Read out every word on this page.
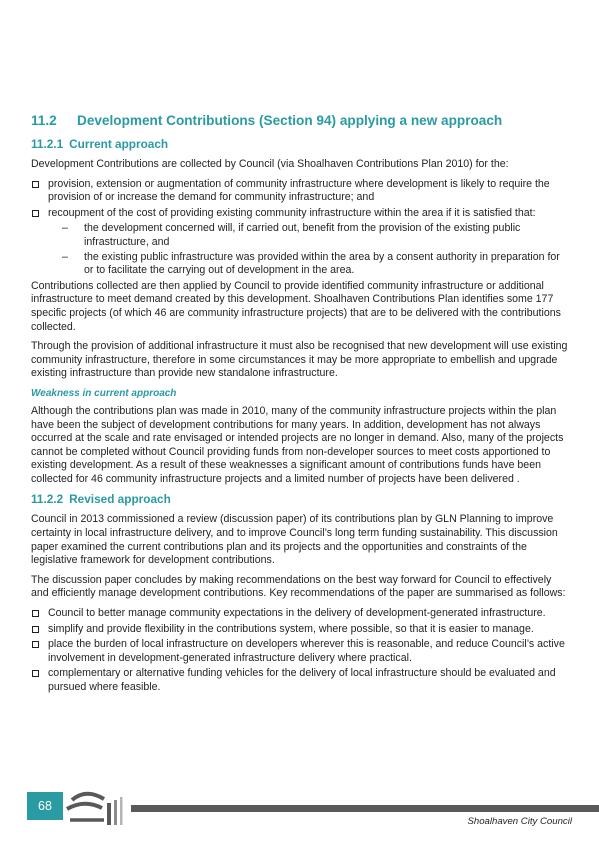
11.2 Development Contributions (Section 94) applying a new approach
11.2.1 Current approach

Development Contributions are collected by Council (via Shoalhaven Contributions Plan 2010) for the:

provision, extension or augmentation of community infrastructure where development is likely to require the provision of or increase the demand for community infrastructure; and
recoupment of the cost of providing existing community infrastructure within the area if it is satisfied that:
– the development concerned will, if carried out, benefit from the provision of the existing public infrastructure, and
– the existing public infrastructure was provided within the area by a consent authority in preparation for or to facilitate the carrying out of development in the area.

Contributions collected are then applied by Council to provide identified community infrastructure or additional infrastructure to meet demand created by this development. Shoalhaven Contributions Plan identifies some 177 specific projects (of which 46 are community infrastructure projects) that are to be delivered with the contributions collected.

Through the provision of additional infrastructure it must also be recognised that new development will use existing community infrastructure, therefore in some circumstances it may be more appropriate to embellish and upgrade existing infrastructure than provide new standalone infrastructure.

Weakness in current approach

Although the contributions plan was made in 2010, many of the community infrastructure projects within the plan have been the subject of development contributions for many years. In addition, development has not always occurred at the scale and rate envisaged or intended projects are no longer in demand. Also, many of the projects cannot be completed without Council providing funds from non-developer sources to meet costs apportioned to existing development. As a result of these weaknesses a significant amount of contributions funds have been collected for 46 community infrastructure projects and a limited number of projects have been delivered .

11.2.2 Revised approach

Council in 2013 commissioned a review (discussion paper) of its contributions plan by GLN Planning to improve certainty in local infrastructure delivery, and to improve Council’s long term funding sustainability. This discussion paper examined the current contributions plan and its projects and the opportunities and constraints of the legislative framework for development contributions.

The discussion paper concludes by making recommendations on the best way forward for Council to effectively and efficiently manage development contributions. Key recommendations of the paper are summarised as follows:

Council to better manage community expectations in the delivery of development-generated infrastructure.
simplify and provide flexibility in the contributions system, where possible, so that it is easier to manage.
place the burden of local infrastructure on developers wherever this is reasonable, and reduce Council’s active involvement in development-generated infrastructure delivery where practical.
complementary or alternative funding vehicles for the delivery of local infrastructure should be evaluated and pursued where feasible.
68
Shoalhaven City Council
